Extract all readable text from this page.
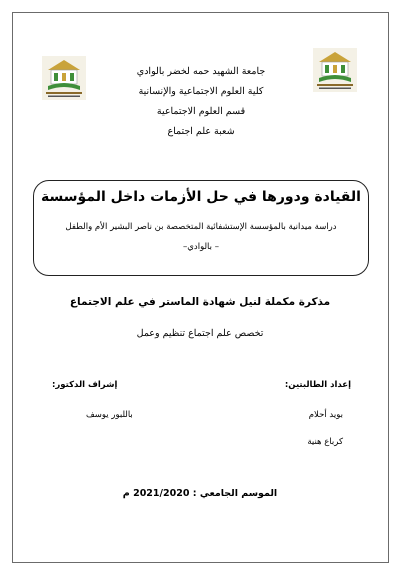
جامعة الشهيد حمه لخضر بالوادي
كلية العلوم الاجتماعية والإنسانية
قسم العلوم الاجتماعية
شعبة علم اجتماع
القيادة ودورها في حل الأزمات داخل المؤسسة
دراسة ميدانية بالمؤسسة الإستشفائية المتخصصة بن ناصر البشير الأم والطفل
– بالوادي–
مذكرة مكملة لنيل شهادة الماستر في علم الاجتماع
تخصص علم اجتماع تنظيم وعمل
إعداد الطالبتين:
إشراف الدكتور:
بويد أحلام
كرباع هنية
باللبور يوسف
الموسم الجامعي : 2021/2020 م
